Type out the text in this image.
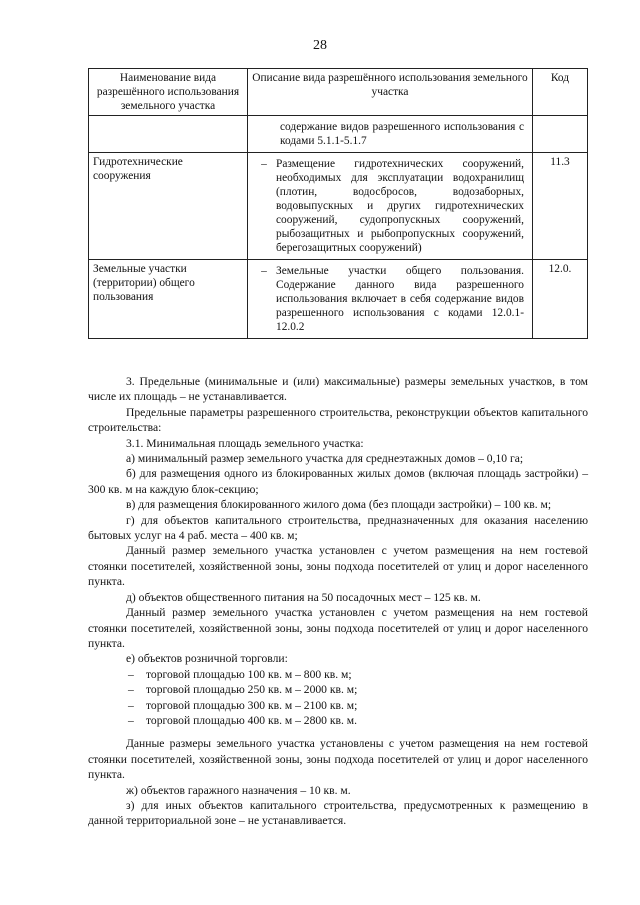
28
Наименование вида разрешённого использования земельного участка	Описание вида разрешённого использования земельного участка	Код

	содержание видов разрешенного использования с кодами 5.1.1-5.1.7	

Гидротехнические сооружения	– Размещение гидротехнических сооружений, необходимых для эксплуатации водохранилищ (плотин, водосбросов, водозаборных, водовыпускных и других гидротехнических сооружений, судопропускных сооружений, рыбозащитных и рыбопропускных сооружений, берегозащитных сооружений)	11.3
Земельные участки (территории) общего пользования	– Земельные участки общего пользования. Содержание данного вида разрешенного использования включает в себя содержание видов разрешенного использования с кодами 12.0.1-12.0.2	12.0.

3. Предельные (минимальные и (или) максимальные) размеры земельных участков, в том числе их площадь – не устанавливается.

Предельные параметры разрешенного строительства, реконструкции объектов капитального строительства:

3.1. Минимальная площадь земельного участка:

а) минимальный размер земельного участка для среднеэтажных домов – 0,10 га;

б) для размещения одного из блокированных жилых домов (включая площадь застройки) – 300 кв. м на каждую блок-секцию;

в) для размещения блокированного жилого дома (без площади застройки) – 100 кв. м;

г) для объектов капитального строительства, предназначенных для оказания населению бытовых услуг на 4 раб. места – 400 кв. м;

Данный размер земельного участка установлен с учетом размещения на нем гостевой стоянки посетителей, хозяйственной зоны, зоны подхода посетителей от улиц и дорог населенного пункта.

д) объектов общественного питания на 50 посадочных мест – 125 кв. м.

Данный размер земельного участка установлен с учетом размещения на нем гостевой стоянки посетителей, хозяйственной зоны, зоны подхода посетителей от улиц и дорог населенного пункта.

е) объектов розничной торговли:

–	торговой площадью 100 кв. м – 800 кв. м;
–	торговой площадью 250 кв. м – 2000 кв. м;
–	торговой площадью 300 кв. м – 2100 кв. м;
–	торговой площадью 400 кв. м – 2800 кв. м.

Данные размеры земельного участка установлены с учетом размещения на нем гостевой стоянки посетителей, хозяйственной зоны, зоны подхода посетителей от улиц и дорог населенного пункта.

ж) объектов гаражного назначения – 10 кв. м.

з) для иных объектов капитального строительства, предусмотренных к размещению в данной территориальной зоне – не устанавливается.
